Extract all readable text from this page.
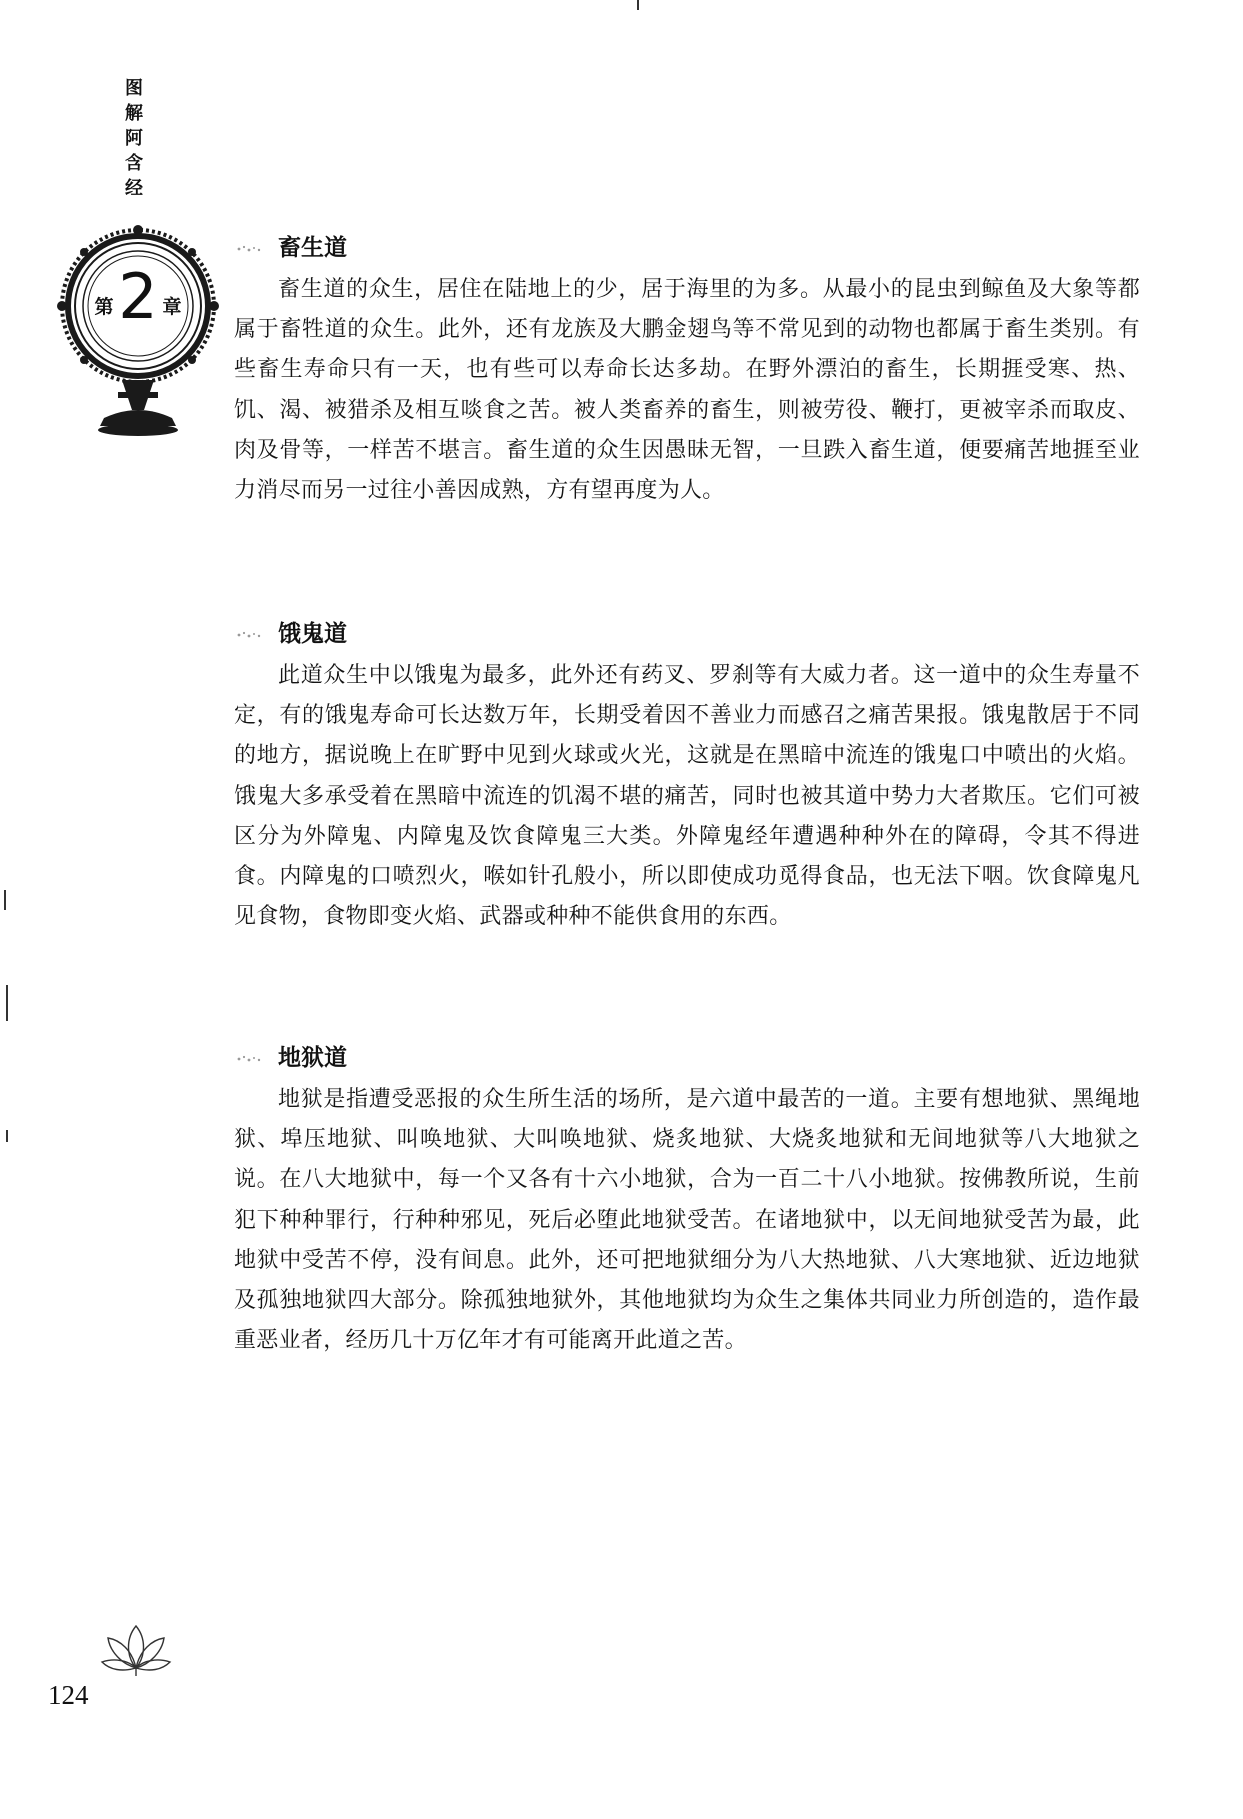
图
解
阿
含
经
第 2 章
畜生道

畜生道的众生，居住在陆地上的少，居于海里的为多。从最小的昆虫到鲸鱼及大象等都属于畜牲道的众生。此外，还有龙族及大鹏金翅鸟等不常见到的动物也都属于畜生类别。有些畜生寿命只有一天，也有些可以寿命长达多劫。在野外漂泊的畜生，长期捱受寒、热、饥、渴、被猎杀及相互啖食之苦。被人类畜养的畜生，则被劳役、鞭打，更被宰杀而取皮、肉及骨等，一样苦不堪言。畜生道的众生因愚昧无智，一旦跌入畜生道，便要痛苦地捱至业力消尽而另一过往小善因成熟，方有望再度为人。

饿鬼道

此道众生中以饿鬼为最多，此外还有药叉、罗刹等有大威力者。这一道中的众生寿量不定，有的饿鬼寿命可长达数万年，长期受着因不善业力而感召之痛苦果报。饿鬼散居于不同的地方，据说晚上在旷野中见到火球或火光，这就是在黑暗中流连的饿鬼口中喷出的火焰。饿鬼大多承受着在黑暗中流连的饥渴不堪的痛苦，同时也被其道中势力大者欺压。它们可被区分为外障鬼、内障鬼及饮食障鬼三大类。外障鬼经年遭遇种种外在的障碍，令其不得进食。内障鬼的口喷烈火，喉如针孔般小，所以即使成功觅得食品，也无法下咽。饮食障鬼凡见食物，食物即变火焰、武器或种种不能供食用的东西。

地狱道

地狱是指遭受恶报的众生所生活的场所，是六道中最苦的一道。主要有想地狱、黑绳地狱、埠压地狱、叫唤地狱、大叫唤地狱、烧炙地狱、大烧炙地狱和无间地狱等八大地狱之说。在八大地狱中，每一个又各有十六小地狱，合为一百二十八小地狱。按佛教所说，生前犯下种种罪行，行种种邪见，死后必堕此地狱受苦。在诸地狱中，以无间地狱受苦为最，此地狱中受苦不停，没有间息。此外，还可把地狱细分为八大热地狱、八大寒地狱、近边地狱及孤独地狱四大部分。除孤独地狱外，其他地狱均为众生之集体共同业力所创造的，造作最重恶业者，经历几十万亿年才有可能离开此道之苦。

124
